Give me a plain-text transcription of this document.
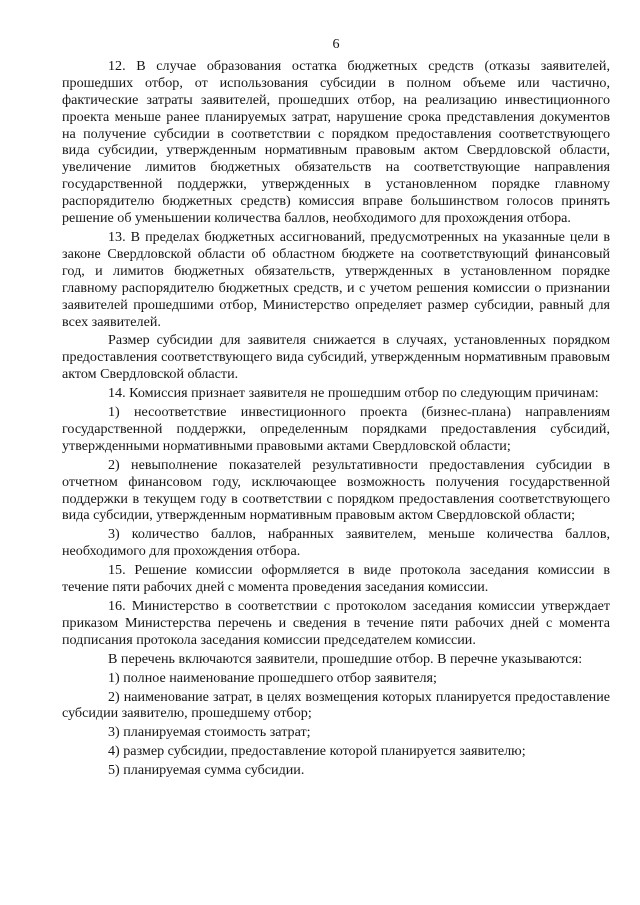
6

12. В случае образования остатка бюджетных средств (отказы заявителей, прошедших отбор, от использования субсидии в полном объеме или частично, фактические затраты заявителей, прошедших отбор, на реализацию инвестиционного проекта меньше ранее планируемых затрат, нарушение срока представления документов на получение субсидии в соответствии с порядком предоставления соответствующего вида субсидии, утвержденным нормативным правовым актом Свердловской области, увеличение лимитов бюджетных обязательств на соответствующие направления государственной поддержки, утвержденных в установленном порядке главному распорядителю бюджетных средств) комиссия вправе большинством голосов принять решение об уменьшении количества баллов, необходимого для прохождения отбора.

13. В пределах бюджетных ассигнований, предусмотренных на указанные цели в законе Свердловской области об областном бюджете на соответствующий финансовый год, и лимитов бюджетных обязательств, утвержденных в установленном порядке главному распорядителю бюджетных средств, и с учетом решения комиссии о признании заявителей прошедшими отбор, Министерство определяет размер субсидии, равный для всех заявителей.

Размер субсидии для заявителя снижается в случаях, установленных порядком предоставления соответствующего вида субсидий, утвержденным нормативным правовым актом Свердловской области.

14. Комиссия признает заявителя не прошедшим отбор по следующим причинам:

1) несоответствие инвестиционного проекта (бизнес-плана) направлениям государственной поддержки, определенным порядками предоставления субсидий, утвержденными нормативными правовыми актами Свердловской области;

2) невыполнение показателей результативности предоставления субсидии в отчетном финансовом году, исключающее возможность получения государственной поддержки в текущем году в соответствии с порядком предоставления соответствующего вида субсидии, утвержденным нормативным правовым актом Свердловской области;

3) количество баллов, набранных заявителем, меньше количества баллов, необходимого для прохождения отбора.

15. Решение комиссии оформляется в виде протокола заседания комиссии в течение пяти рабочих дней с момента проведения заседания комиссии.

16. Министерство в соответствии с протоколом заседания комиссии утверждает приказом Министерства перечень и сведения в течение пяти рабочих дней с момента подписания протокола заседания комиссии председателем комиссии.

В перечень включаются заявители, прошедшие отбор. В перечне указываются:

1) полное наименование прошедшего отбор заявителя;

2) наименование затрат, в целях возмещения которых планируется предоставление субсидии заявителю, прошедшему отбор;

3) планируемая стоимость затрат;

4) размер субсидии, предоставление которой планируется заявителю;

5) планируемая сумма субсидии.
